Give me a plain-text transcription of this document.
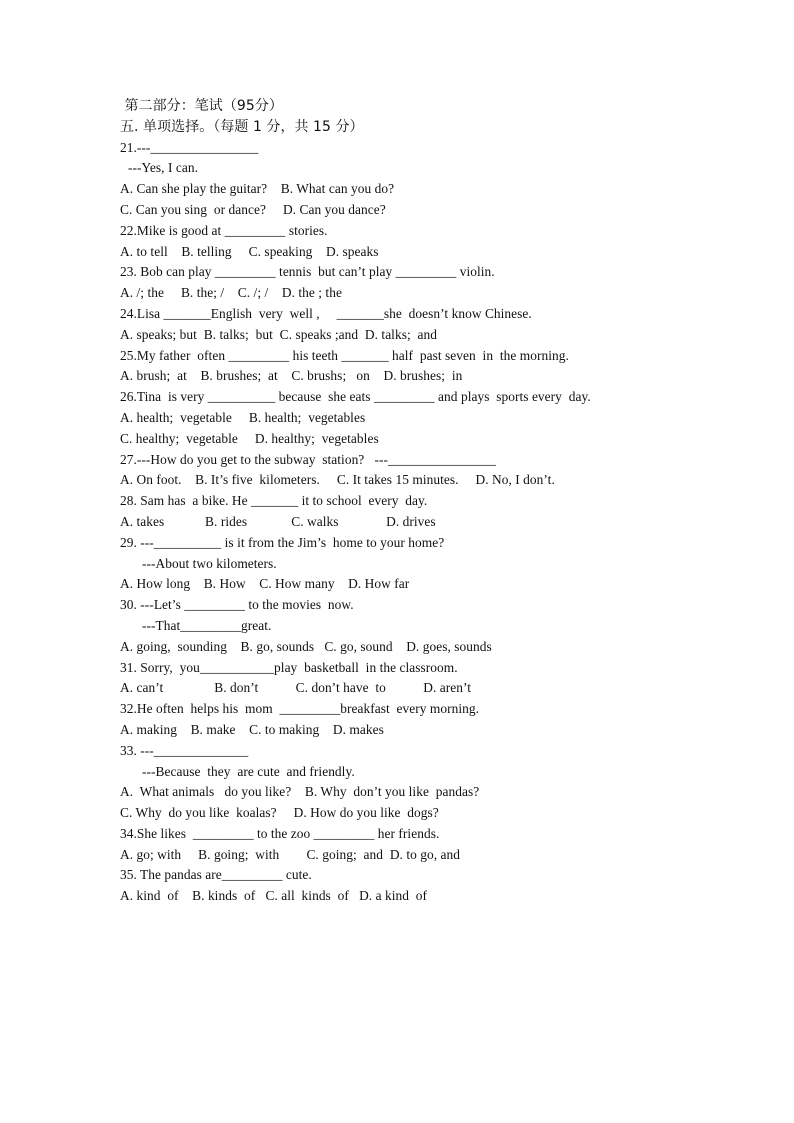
第二部分：笔试（95分）
五. 单项选择。（每题 1 分，共 15 分）
21.---________________
---Yes, I can.
A. Can she play the guitar?    B. What can you do?
C. Can you sing  or dance?     D. Can you dance?
22.Mike is good at _________ stories.
A. to tell    B. telling     C. speaking    D. speaks
23. Bob can play _________ tennis  but can’t play _________ violin.
A. /; the     B. the; /    C. /; /    D. the ; the
24.Lisa _______English  very  well ,     _______she  doesn’t know Chinese.
A. speaks; but  B. talks;  but  C. speaks ;and  D. talks;  and
25.My father  often _________ his teeth _______ half  past seven  in  the morning.
A. brush;  at    B. brushes;  at    C. brushs;   on    D. brushes;  in
26.Tina  is very __________ because  she eats _________ and plays  sports every  day.
A. health;  vegetable     B. health;  vegetables
C. healthy;  vegetable     D. healthy;  vegetables
27.---How do you get to the subway  station?   ---________________
A. On foot.    B. It’s five  kilometers.     C. It takes 15 minutes.     D. No, I don’t.
28. Sam has  a bike. He _______ it to school  every  day.
A. takes            B. rides             C. walks              D. drives
29. ---__________ is it from the Jim’s  home to your home?
---About two kilometers.
A. How long    B. How    C. How many    D. How far
30. ---Let’s _________ to the movies  now.
---That_________great.
A. going,  sounding    B. go, sounds   C. go, sound    D. goes, sounds
31. Sorry,  you___________play  basketball  in the classroom.
A. can’t               B. don’t           C. don’t have  to           D. aren’t
32.He often  helps his  mom  _________breakfast  every morning.
A. making    B. make    C. to making    D. makes
33. ---______________
---Because  they  are cute  and friendly.
A.  What animals   do you like?    B. Why  don’t you like  pandas?
C. Why  do you like  koalas?     D. How do you like  dogs?
34.She likes  _________ to the zoo _________ her friends.
A. go; with     B. going;  with        C. going;  and  D. to go, and
35. The pandas are_________ cute.
A. kind  of    B. kinds  of   C. all  kinds  of   D. a kind  of
